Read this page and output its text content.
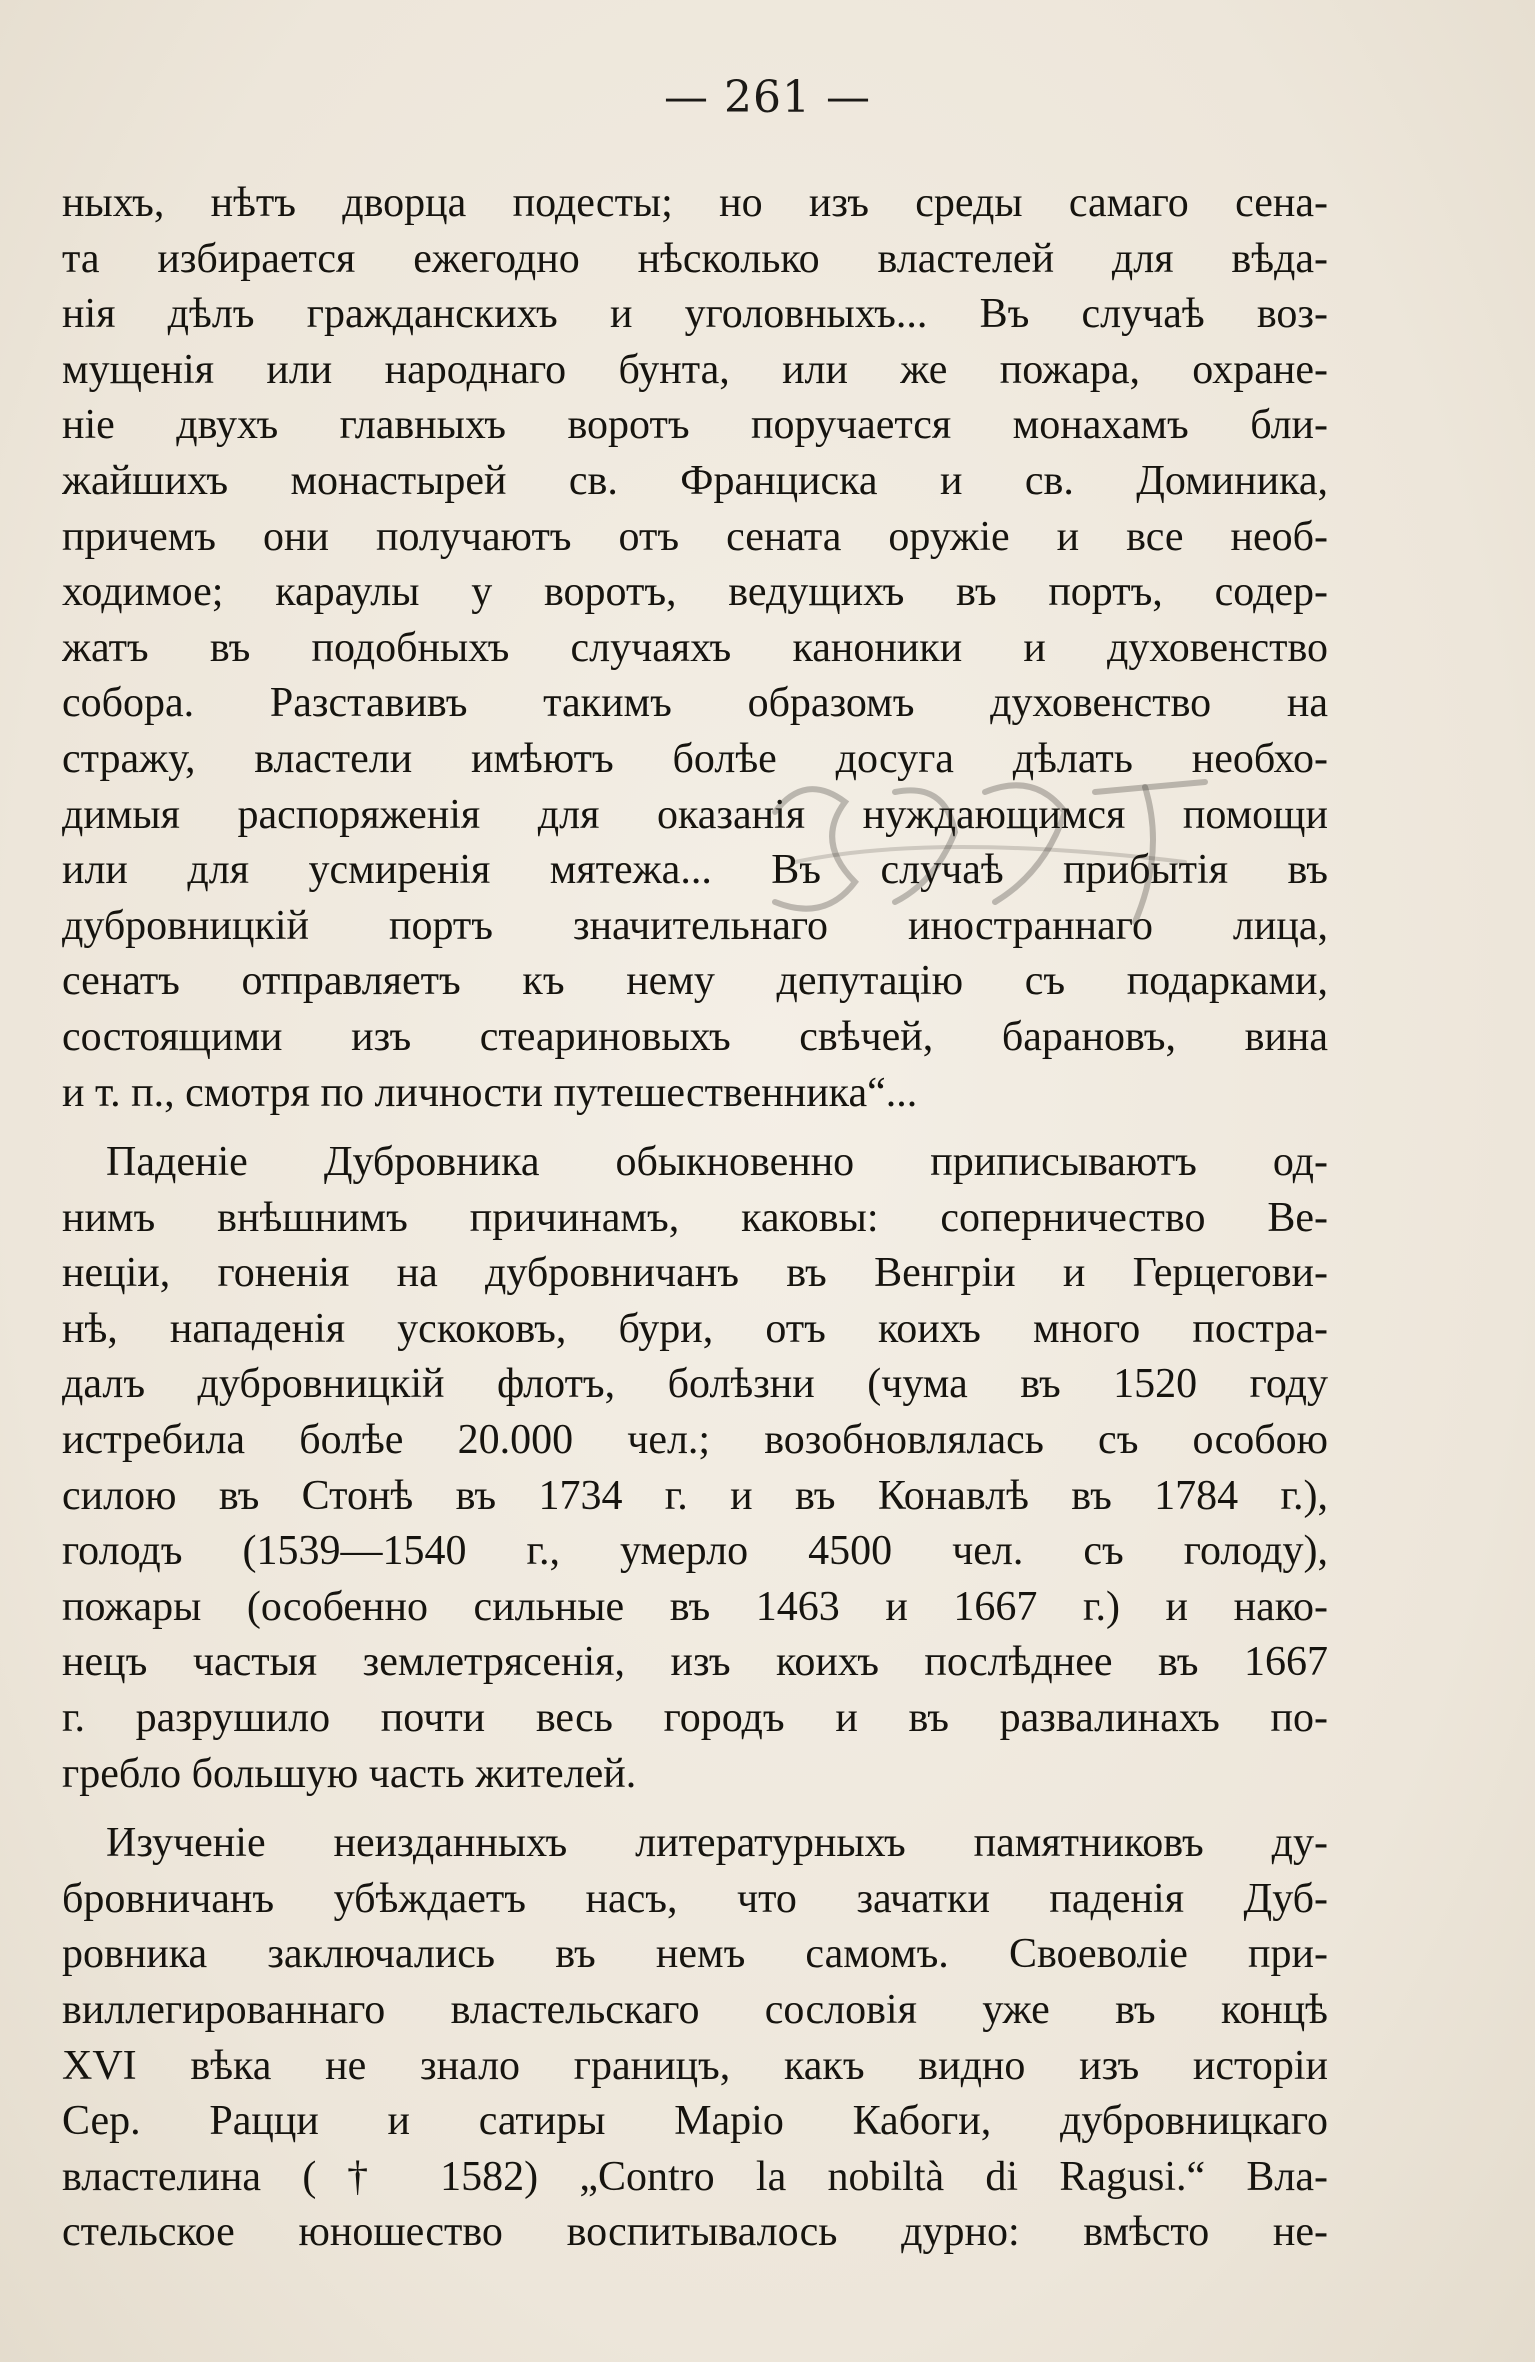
— 261 —
ныхъ, нѣтъ дворца подесты; но изъ среды самаго сена-
та избирается ежегодно нѣсколько властелей для вѣда-
нія дѣлъ гражданскихъ и уголовныхъ... Въ случаѣ воз-
мущенія или народнаго бунта, или же пожара, охране-
ніе двухъ главныхъ воротъ поручается монахамъ бли-
жайшихъ монастырей св. Франциска и св. Доминика,
причемъ они получаютъ отъ сената оружіе и все необ-
ходимое; караулы у воротъ, ведущихъ въ портъ, содер-
жатъ въ подобныхъ случаяхъ каноники и духовенство
собора. Разставивъ такимъ образомъ духовенство на
стражу, властели имѣютъ болѣе досуга дѣлать необхо-
димыя распоряженія для оказанія нуждающимся помощи
или для усмиренія мятежа... Въ случаѣ прибытія въ
дубровницкій портъ значительнаго иностраннаго лица,
сенатъ отправляетъ къ нему депутацію съ подарками,
состоящими изъ стеариновыхъ свѣчей, барановъ, вина
и т. п., смотря по личности путешественника“...
Паденіе Дубровника обыкновенно приписываютъ од-
нимъ внѣшнимъ причинамъ, каковы: соперничество Ве-
неціи, гоненія на дубровничанъ въ Венгріи и Герцегови-
нѣ, нападенія ускоковъ, бури, отъ коихъ много постра-
далъ дубровницкій флотъ, болѣзни (чума въ 1520 году
истребила болѣе 20.000 чел.; возобновлялась съ особою
силою въ Стонѣ въ 1734 г. и въ Конавлѣ въ 1784 г.),
голодъ (1539—1540 г., умерло 4500 чел. съ голоду),
пожары (особенно сильные въ 1463 и 1667 г.) и нако-
нецъ частыя землетрясенія, изъ коихъ послѣднее въ 1667
г. разрушило почти весь городъ и въ развалинахъ по-
гребло большую часть жителей.
Изученіе неизданныхъ литературныхъ памятниковъ ду-
бровничанъ убѣждаетъ насъ, что зачатки паденія Дуб-
ровника заключались въ немъ самомъ. Своеволіе при-
виллегированнаго властельскаго сословія уже въ концѣ
XVI вѣка не знало границъ, какъ видно изъ исторіи
Сер. Рацци и сатиры Маріо Кабоги, дубровницкаго
властелина († 1582) „Contro la nobiltà di Ragusi.“ Вла-
стельское юношество воспитывалось дурно: вмѣсто не-
